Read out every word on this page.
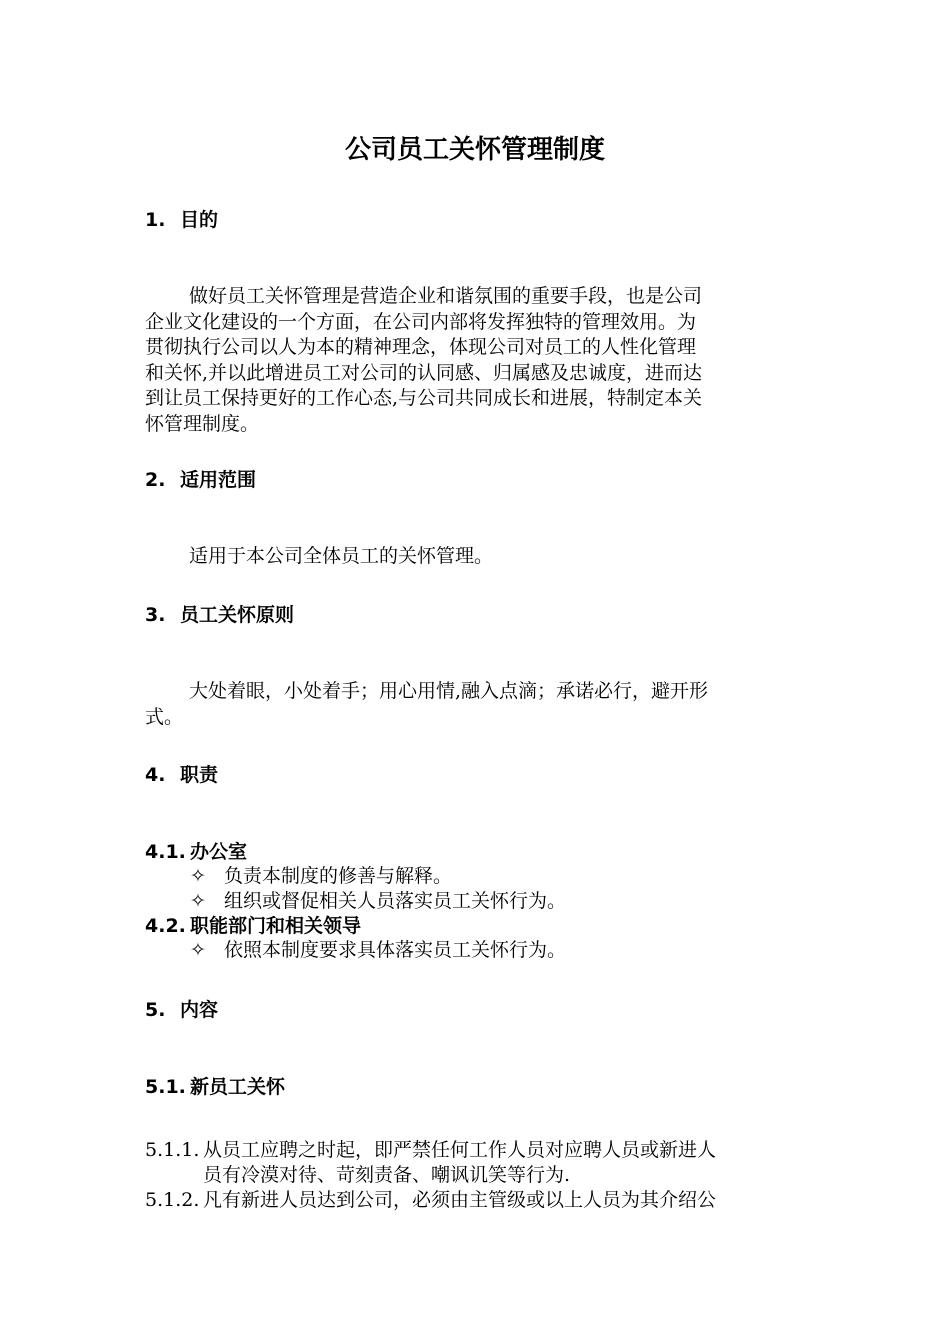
公司员工关怀管理制度
1. 目的
做好员工关怀管理是营造企业和谐氛围的重要手段，也是公司
企业文化建设的一个方面，在公司内部将发挥独特的管理效用。为
贯彻执行公司以人为本的精神理念，体现公司对员工的人性化管理
和关怀,并以此增进员工对公司的认同感、归属感及忠诚度，进而达
到让员工保持更好的工作心态,与公司共同成长和进展，特制定本关
怀管理制度。
2. 适用范围
适用于本公司全体员工的关怀管理。
3. 员工关怀原则
大处着眼，小处着手；用心用情,融入点滴；承诺必行，避开形
式。
4. 职责
4.1. 办公室
✧ 负责本制度的修善与解释。
✧ 组织或督促相关人员落实员工关怀行为。
4.2. 职能部门和相关领导
✧ 依照本制度要求具体落实员工关怀行为。
5. 内容
5.1. 新员工关怀
5.1.1. 从员工应聘之时起，即严禁任何工作人员对应聘人员或新进人
员有冷漠对待、苛刻责备、嘲讽讥笑等行为.
5.1.2. 凡有新进人员达到公司，必须由主管级或以上人员为其介绍公
